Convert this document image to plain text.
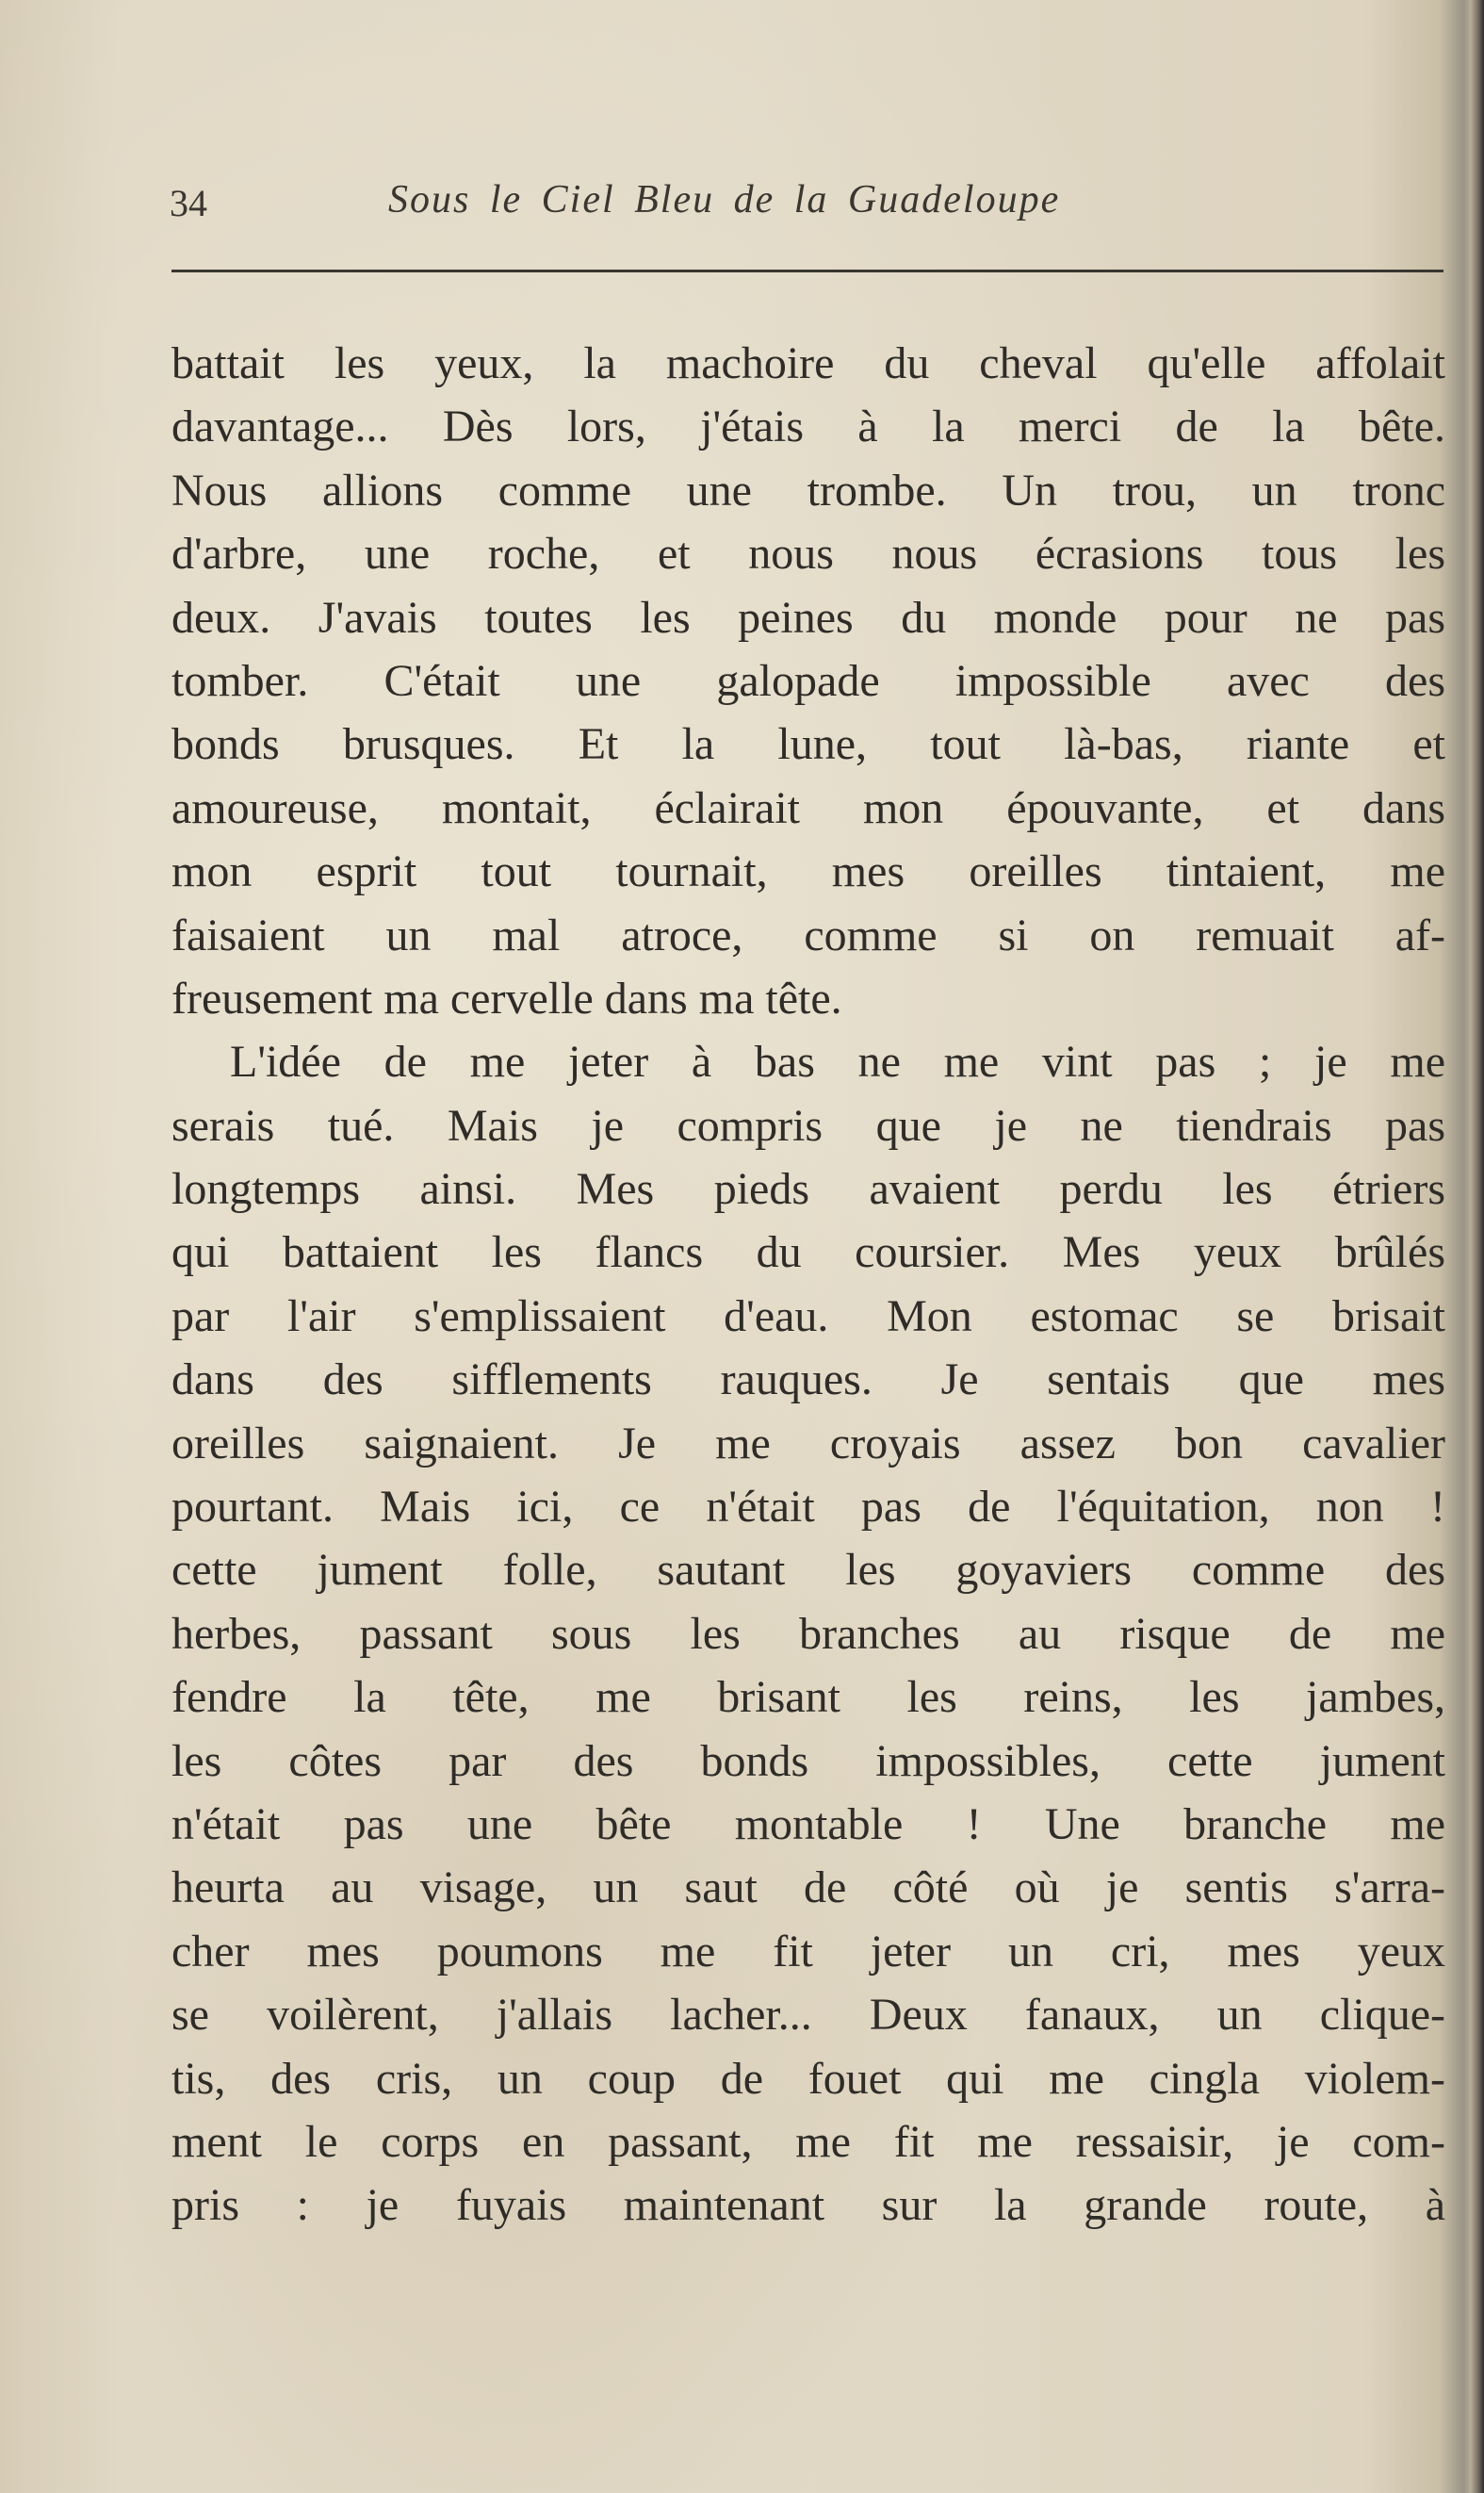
34	Sous le Ciel Bleu de la Guadeloupe
battait les yeux, la machoire du cheval qu'elle affolait
davantage... Dès lors, j'étais à la merci de la bête.
Nous allions comme une trombe. Un trou, un tronc
d'arbre, une roche, et nous nous écrasions tous les
deux. J'avais toutes les peines du monde pour ne pas
tomber. C'était une galopade impossible avec des
bonds brusques. Et la lune, tout là-bas, riante et
amoureuse, montait, éclairait mon épouvante, et dans
mon esprit tout tournait, mes oreilles tintaient, me
faisaient un mal atroce, comme si on remuait af-
freusement ma cervelle dans ma tête.
L'idée de me jeter à bas ne me vint pas ; je me
serais tué. Mais je compris que je ne tiendrais pas
longtemps ainsi. Mes pieds avaient perdu les étriers
qui battaient les flancs du coursier. Mes yeux brûlés
par l'air s'emplissaient d'eau. Mon estomac se brisait
dans des sifflements rauques. Je sentais que mes
oreilles saignaient. Je me croyais assez bon cavalier
pourtant. Mais ici, ce n'était pas de l'équitation, non !
cette jument folle, sautant les goyaviers comme des
herbes, passant sous les branches au risque de me
fendre la tête, me brisant les reins, les jambes,
les côtes par des bonds impossibles, cette jument
n'était pas une bête montable ! Une branche me
heurta au visage, un saut de côté où je sentis s'arra-
cher mes poumons me fit jeter un cri, mes yeux
se voilèrent, j'allais lacher... Deux fanaux, un clique-
tis, des cris, un coup de fouet qui me cingla violem-
ment le corps en passant, me fit me ressaisir, je com-
pris : je fuyais maintenant sur la grande route, à
